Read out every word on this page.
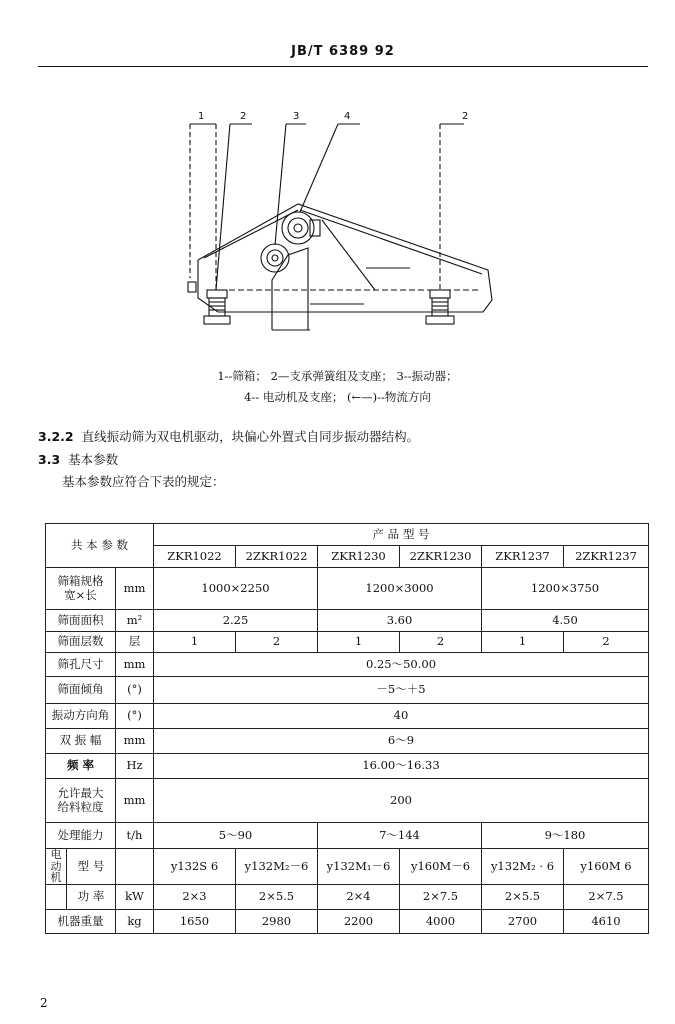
JB/T 6389 92
1	2	3	4	2
1--筛箱； 2—支承弹簧组及支座； 3--振动器；
4-- 电动机及支座； (←—)--物流方向
3.2.2 直线振动筛为双电机驱动，块偏心外置式自同步振动器结构。
3.3 基本参数
基本参数应符合下表的规定：
共 本 参 数		产 品 型 号					
		ZKR1022	2ZKR1022	ZKR1230	2ZKR1230	ZKR1237	2ZKR1237
筛箱规格
宽×长	mm	1000×2250		1200×3000		1200×3750	
筛面面积	m²	2.25		3.60		4.50	
筛面层数	层	1	2	1	2	1	2
筛孔尺寸	mm	0.25～50.00					
筛面倾角	(°)	－5～＋5					
振动方向角	(°)	40					
双 振 幅	mm	6～9					
频 率	Hz	16.00～16.33					
允许最大
给料粒度	mm	200					
处理能力	t/h	5～90		7～144		9～180	

电动机
型 号		y132S 6	y132M₂－6	y132M₁－6	y160M－6	y132M₂ · 6	y160M 6

功 率	kW	2×3	2×5.5	2×4	2×7.5	2×5.5	2×7.5
机器重量	kg	1650	2980	2200	4000	2700	4610
2
